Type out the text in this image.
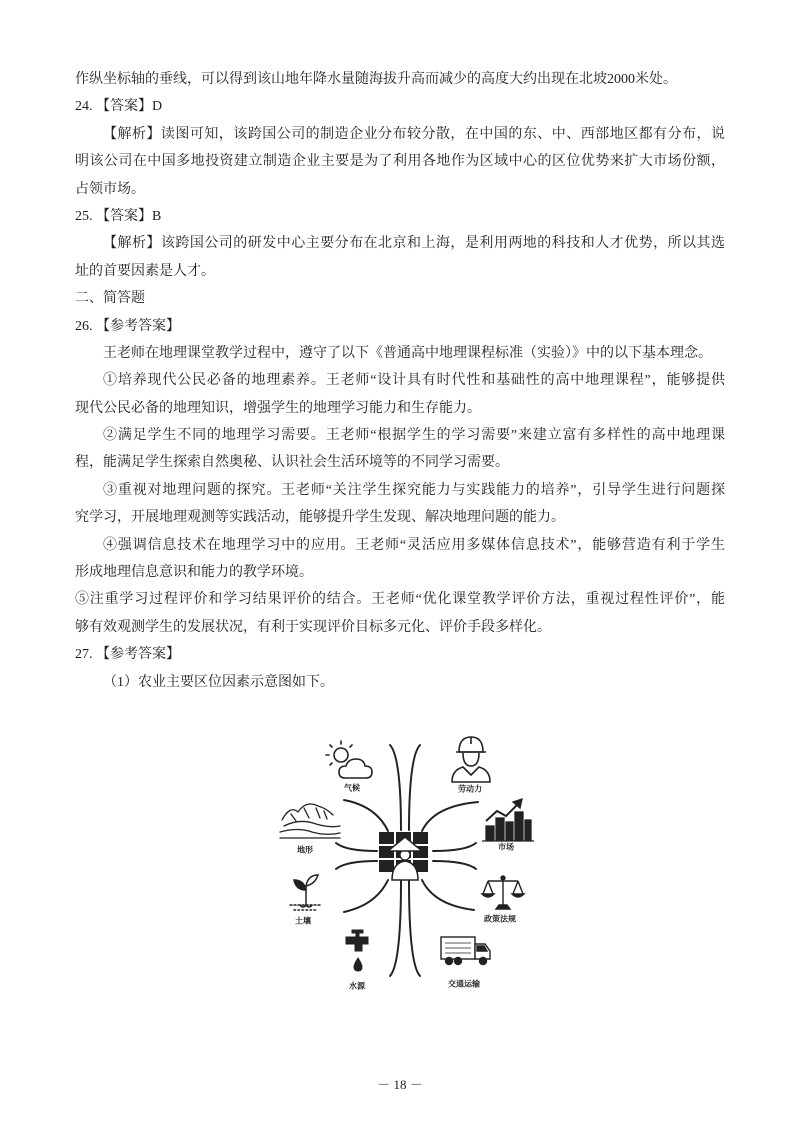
作纵坐标轴的垂线，可以得到该山地年降水量随海拔升高而减少的高度大约出现在北坡2000米处。
24. 【答案】D
【解析】读图可知，该跨国公司的制造企业分布较分散，在中国的东、中、西部地区都有分布，说
明该公司在中国多地投资建立制造企业主要是为了利用各地作为区域中心的区位优势来扩大市场份额，
占领市场。
25. 【答案】B
【解析】该跨国公司的研发中心主要分布在北京和上海，是利用两地的科技和人才优势，所以其选
址的首要因素是人才。
二、简答题
26. 【参考答案】
王老师在地理课堂教学过程中，遵守了以下《普通高中地理课程标准（实验）》中的以下基本理念。
①培养现代公民必备的地理素养。王老师“设计具有时代性和基础性的高中地理课程”，能够提供
现代公民必备的地理知识，增强学生的地理学习能力和生存能力。
②满足学生不同的地理学习需要。王老师“根据学生的学习需要”来建立富有多样性的高中地理课
程，能满足学生探索自然奥秘、认识社会生活环境等的不同学习需要。
③重视对地理问题的探究。王老师“关注学生探究能力与实践能力的培养”，引导学生进行问题探
究学习，开展地理观测等实践活动，能够提升学生发现、解决地理问题的能力。
④强调信息技术在地理学习中的应用。王老师“灵活应用多媒体信息技术”，能够营造有利于学生
形成地理信息意识和能力的教学环境。
⑤注重学习过程评价和学习结果评价的结合。王老师“优化课堂教学评价方法，重视过程性评价”，能
够有效观测学生的发展状况，有利于实现评价目标多元化、评价手段多样化。
27. 【参考答案】
（1）农业主要区位因素示意图如下。
气候	劳动力
地形	市场
土壤	政策法规
水源	交通运输
－ 18 －
